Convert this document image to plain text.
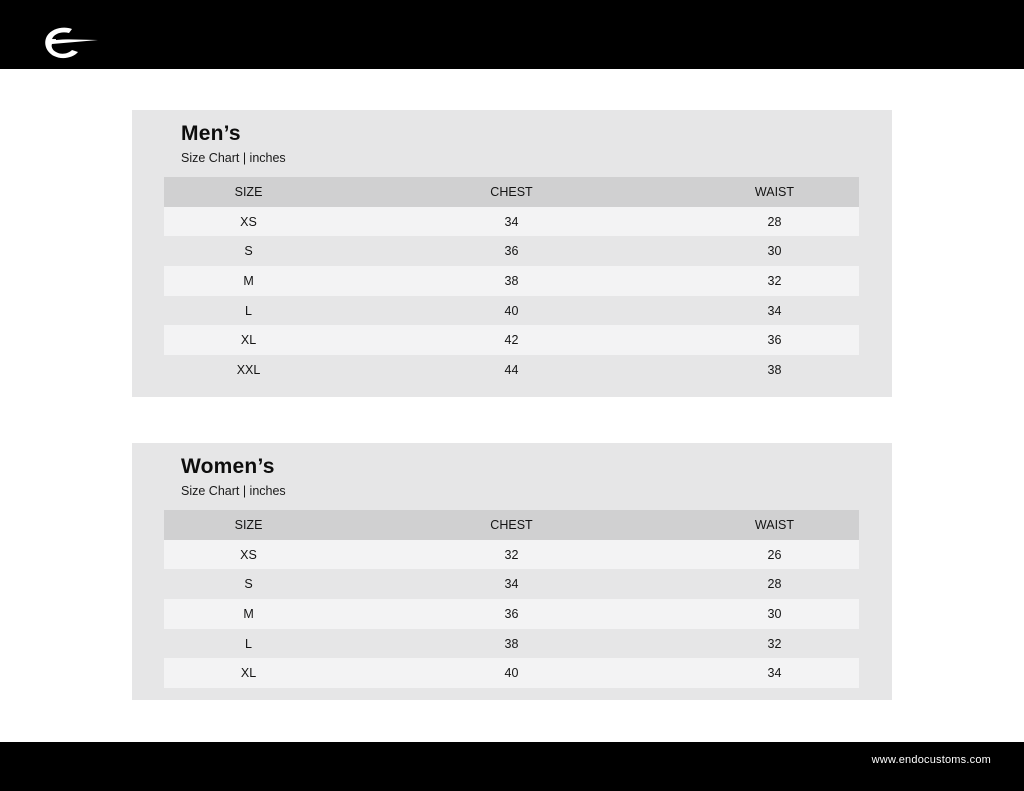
Men’s
Size Chart | inches
SIZE	CHEST	WAIST
XS	34	28
S	36	30
M	38	32
L	40	34
XL	42	36
XXL	44	38
Women’s
Size Chart | inches
SIZE	CHEST	WAIST
XS	32	26
S	34	28
M	36	30
L	38	32
XL	40	34
www.endocustoms.com
